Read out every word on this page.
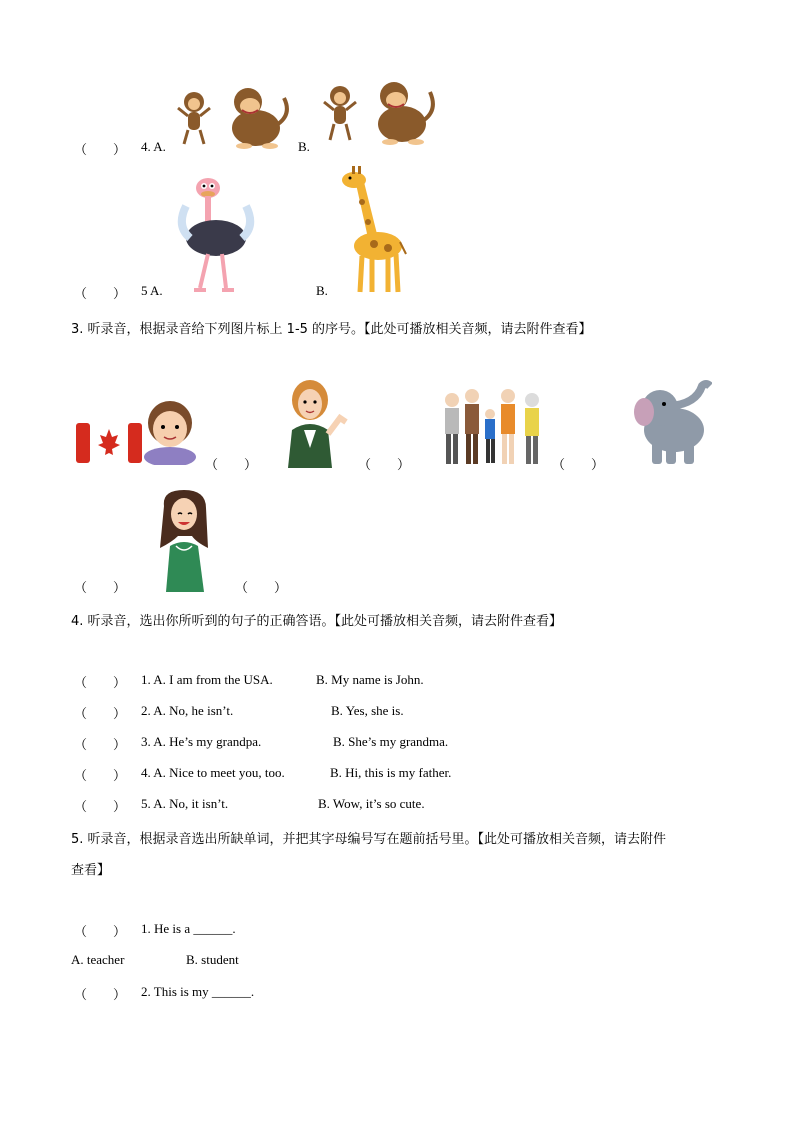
（　　） 4. A.	B.
（　　） 5 A.	B.
3. 听录音，根据录音给下列图片标上 1-5 的序号。【此处可播放相关音频，请去附件查看】
（　　）	（　　）	（　　）
（　　）	（　　）
4. 听录音，选出你所听到的句子的正确答语。【此处可播放相关音频，请去附件查看】
（　　） 1. A. I am from the USA.	B. My name is John.
（　　） 2. A. No, he isn’t.	B. Yes, she is.
（　　） 3. A. He’s my grandpa.	B. She’s my grandma.
（　　） 4. A. Nice to meet you, too.	B. Hi, this is my father.
（　　） 5. A. No, it isn’t.	B. Wow, it’s so cute.
5. 听录音，根据录音选出所缺单词，并把其字母编号写在题前括号里。【此处可播放相关音频，请去附件
查看】
（　　） 1. He is a ______.
A. teacher	B. student
（　　） 2. This is my ______.
